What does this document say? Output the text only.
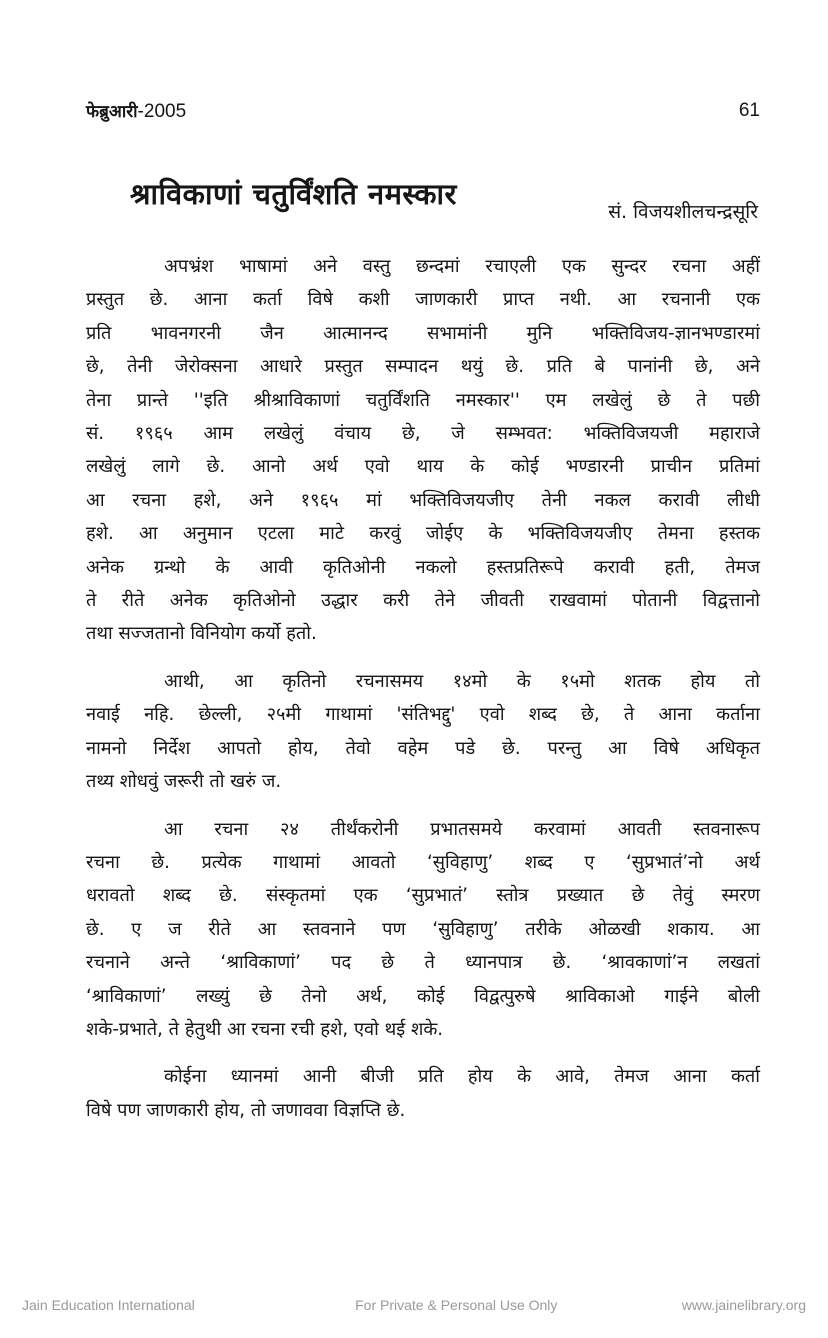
फेब्रुआरी-2005	61
श्राविकाणां चतुर्विंशति नमस्कार
सं. विजयशीलचन्द्रसूरि
अपभ्रंश भाषामां अने वस्तु छन्दमां रचाएली एक सुन्दर रचना अहीं
प्रस्तुत छे. आना कर्ता विषे कशी जाणकारी प्राप्त नथी. आ रचनानी एक
प्रति भावनगरनी जैन आत्मानन्द सभामांनी मुनि भक्तिविजय-ज्ञानभण्डारमां
छे, तेनी जेरोक्सना आधारे प्रस्तुत सम्पादन थयुं छे. प्रति बे पानांनी छे, अने
तेना प्रान्ते ''इति श्रीश्राविकाणां चतुर्विंशति नमस्कार'' एम लखेलुं छे ते पछी
सं. १९६५ आम लखेलुं वंचाय छे, जे सम्भवत: भक्तिविजयजी महाराजे
लखेलुं लागे छे. आनो अर्थ एवो थाय के कोई भण्डारनी प्राचीन प्रतिमां
आ रचना हशे, अने १९६५ मां भक्तिविजयजीए तेनी नकल करावी लीधी
हशे. आ अनुमान एटला माटे करवुं जोईए के भक्तिविजयजीए तेमना हस्तक
अनेक ग्रन्थो के आवी कृतिओनी नकलो हस्तप्रतिरूपे करावी हती, तेमज
ते रीते अनेक कृतिओनो उद्धार करी तेने जीवती राखवामां पोतानी विद्वत्तानो
तथा सज्जतानो विनियोग कर्यो हतो.
आथी, आ कृतिनो रचनासमय १४मो के १५मो शतक होय तो
नवाई नहि. छेल्ली, २५मी गाथामां 'संतिभद्दु' एवो शब्द छे, ते आना कर्ताना
नामनो निर्देश आपतो होय, तेवो वहेम पडे छे. परन्तु आ विषे अधिकृत
तथ्य शोधवुं जरूरी तो खरुं ज.
आ रचना २४ तीर्थंकरोनी प्रभातसमये करवामां आवती स्तवनारूप
रचना छे. प्रत्येक गाथामां आवतो ‘सुविहाणु’ शब्द ए ‘सुप्रभातं’नो अर्थ
धरावतो शब्द छे. संस्कृतमां एक ‘सुप्रभातं’ स्तोत्र प्रख्यात छे तेवुं स्मरण
छे. ए ज रीते आ स्तवनाने पण ‘सुविहाणु’ तरीके ओळखी शकाय. आ
रचनाने अन्ते ‘श्राविकाणां’ पद छे ते ध्यानपात्र छे. ‘श्रावकाणां’न लखतां
‘श्राविकाणां’ लख्युं छे तेनो अर्थ, कोई विद्वत्पुरुषे श्राविकाओ गाईने बोली
शके-प्रभाते, ते हेतुथी आ रचना रची हशे, एवो थई शके.
कोईना ध्यानमां आनी बीजी प्रति होय के आवे, तेमज आना कर्ता
विषे पण जाणकारी होय, तो जणाववा विज्ञप्ति छे.
Jain Education International	For Private & Personal Use Only	www.jainelibrary.org
